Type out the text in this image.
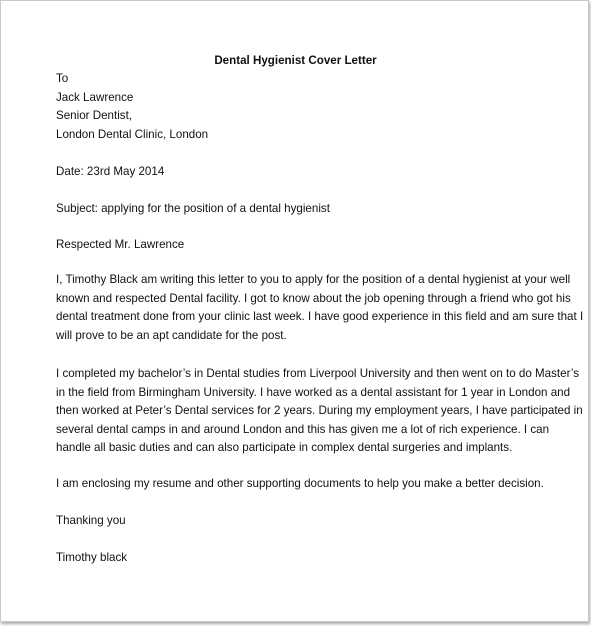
Dental Hygienist Cover Letter
To
Jack Lawrence
Senior Dentist,
London Dental Clinic, London
Date: 23rd May 2014
Subject: applying for the position of a dental hygienist
Respected Mr. Lawrence
I, Timothy Black am writing this letter to you to apply for the position of a dental hygienist at your well
known and respected Dental facility. I got to know about the job opening through a friend who got his
dental treatment done from your clinic last week. I have good experience in this field and am sure that I
will prove to be an apt candidate for the post.
I completed my bachelor’s in Dental studies from Liverpool University and then went on to do Master’s
in the field from Birmingham University. I have worked as a dental assistant for 1 year in London and
then worked at Peter’s Dental services for 2 years. During my employment years, I have participated in
several dental camps in and around London and this has given me a lot of rich experience. I can
handle all basic duties and can also participate in complex dental surgeries and implants.
I am enclosing my resume and other supporting documents to help you make a better decision.
Thanking you
Timothy black
